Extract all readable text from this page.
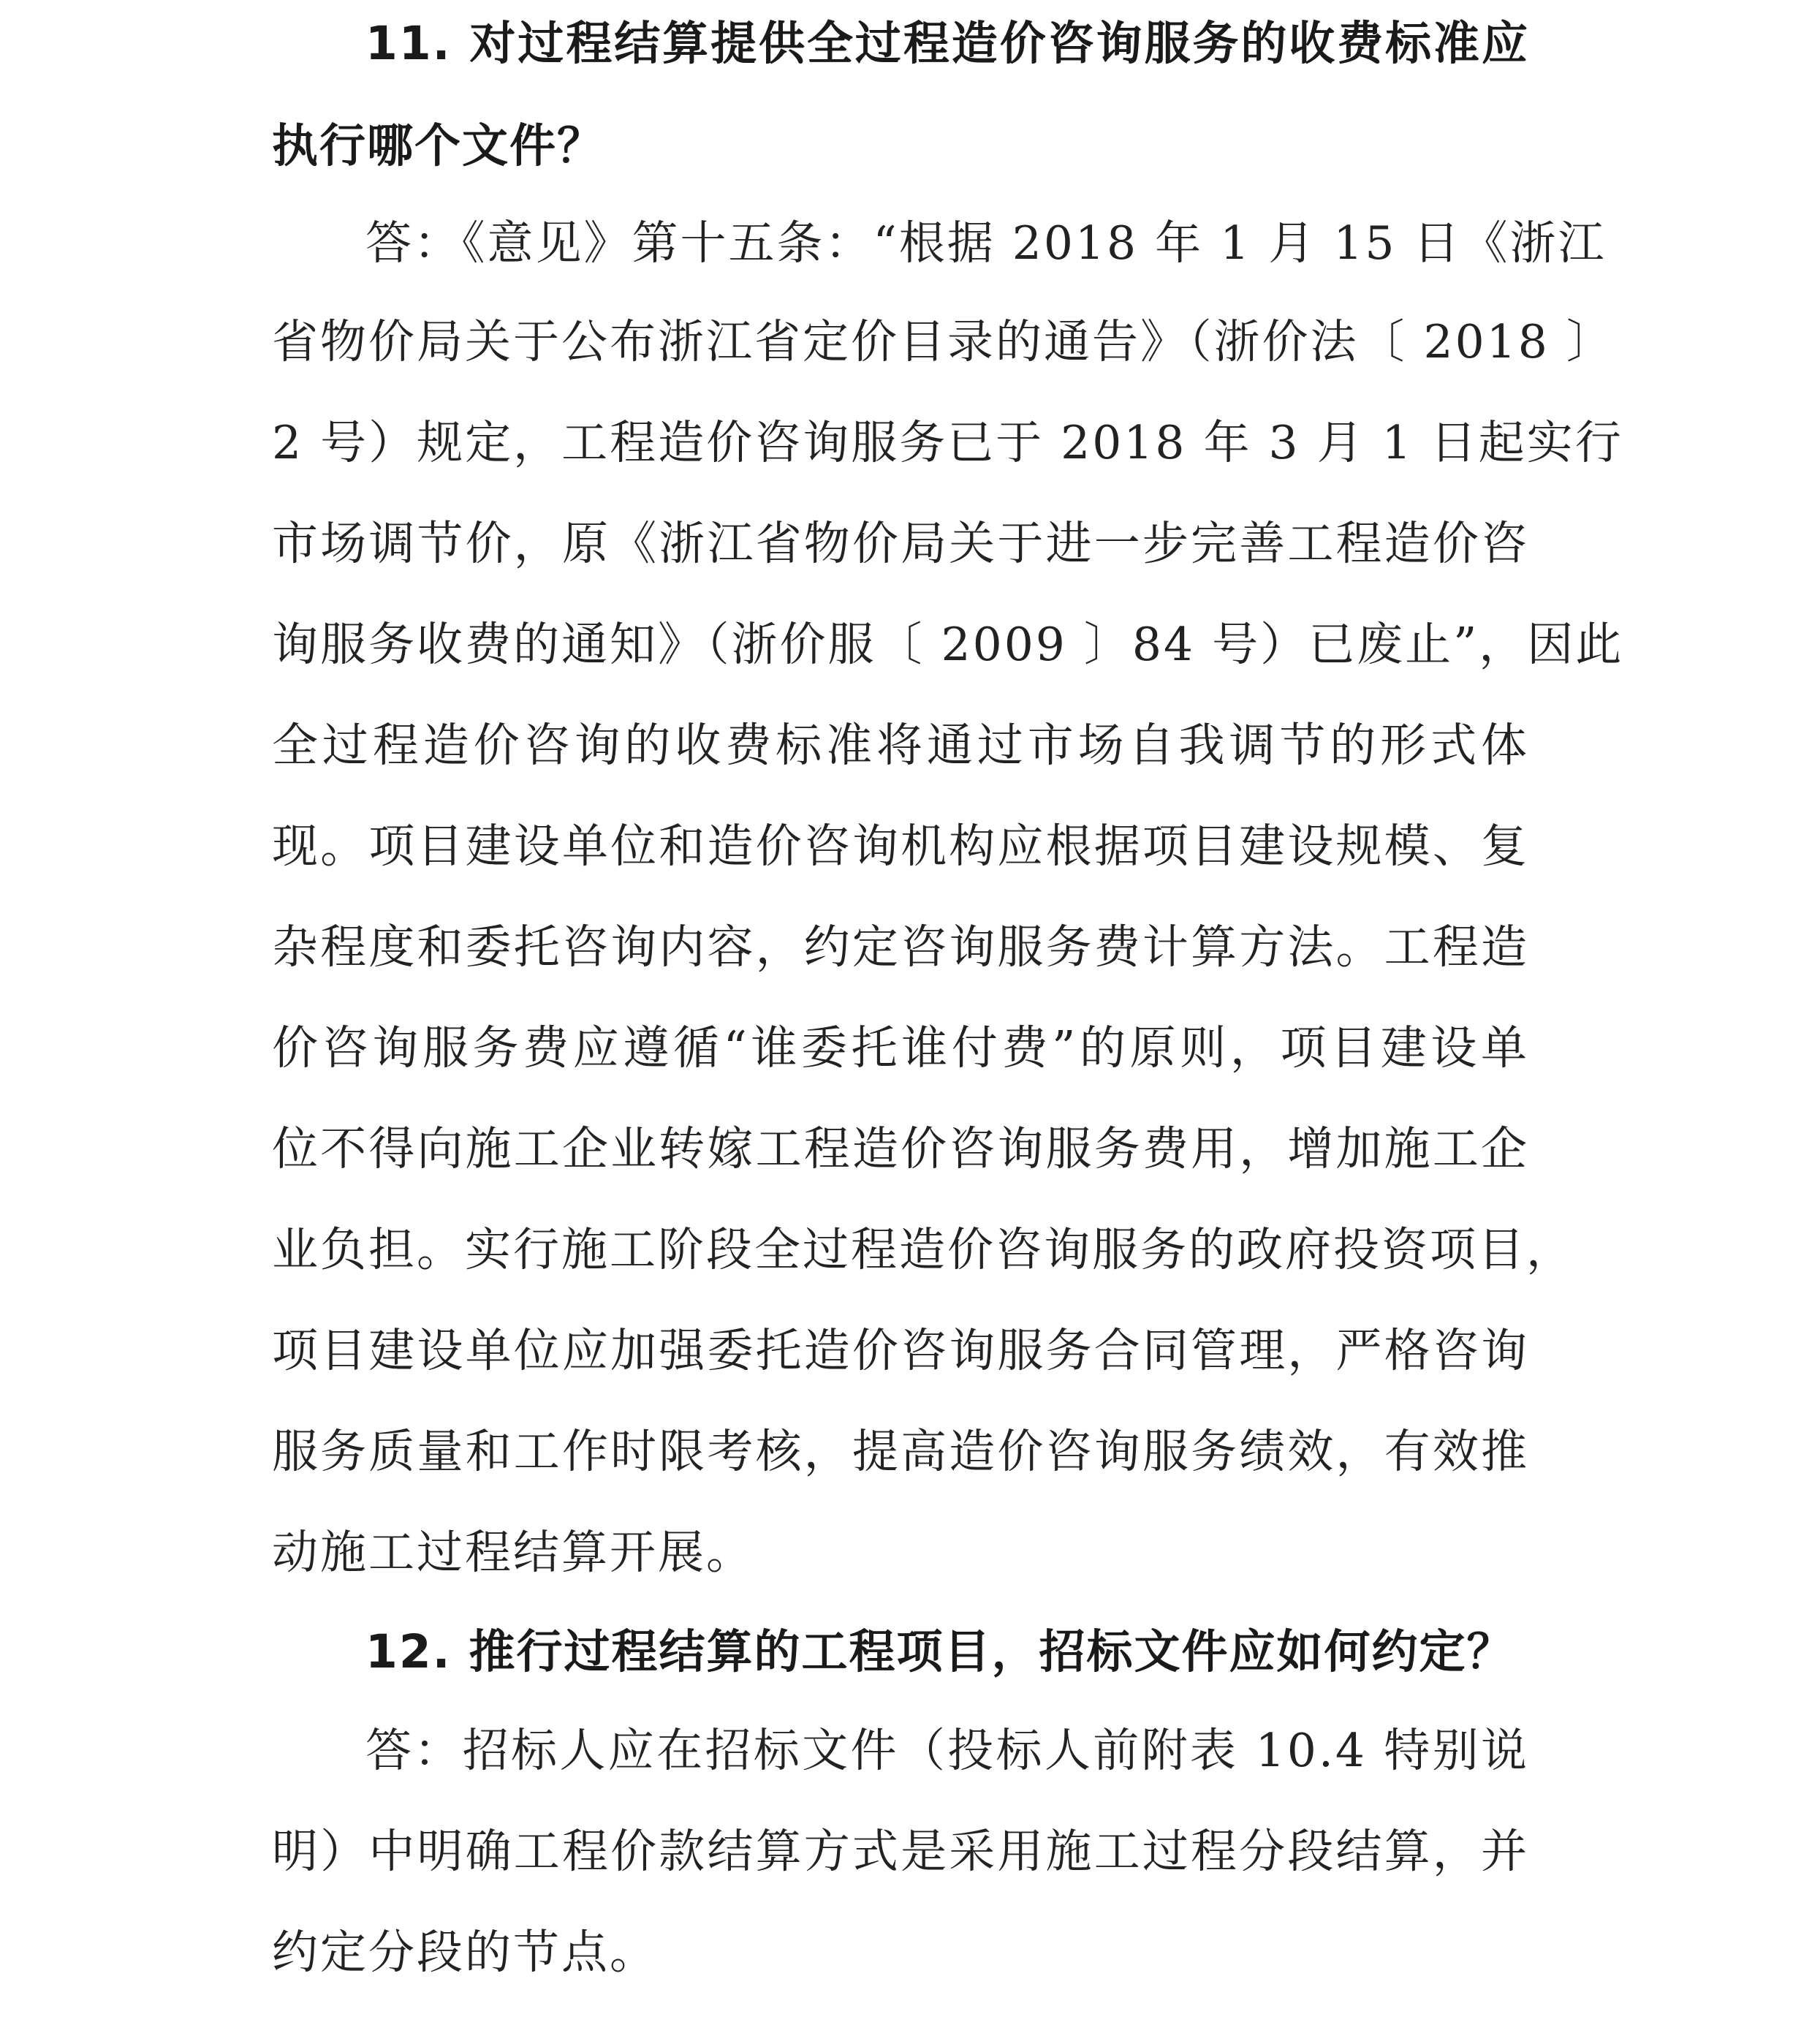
11. 对过程结算提供全过程造价咨询服务的收费标准应
执行哪个文件？
答：《意见》第十五条：“根据 2018 年 1 月 15 日《浙江
省物价局关于公布浙江省定价目录的通告》（浙价法〔 2018 〕
2 号）规定，工程造价咨询服务已于 2018 年 3 月 1 日起实行
市场调节价，原《浙江省物价局关于进一步完善工程造价咨
询服务收费的通知》（浙价服〔 2009 〕84 号）已废止”，因此
全过程造价咨询的收费标准将通过市场自我调节的形式体
现。项目建设单位和造价咨询机构应根据项目建设规模、复
杂程度和委托咨询内容，约定咨询服务费计算方法。工程造
价咨询服务费应遵循“谁委托谁付费”的原则，项目建设单
位不得向施工企业转嫁工程造价咨询服务费用，增加施工企
业负担。实行施工阶段全过程造价咨询服务的政府投资项目，
项目建设单位应加强委托造价咨询服务合同管理，严格咨询
服务质量和工作时限考核，提高造价咨询服务绩效，有效推
动施工过程结算开展。
12. 推行过程结算的工程项目，招标文件应如何约定？
答：招标人应在招标文件（投标人前附表 10.4 特别说
明）中明确工程价款结算方式是采用施工过程分段结算，并
约定分段的节点。
